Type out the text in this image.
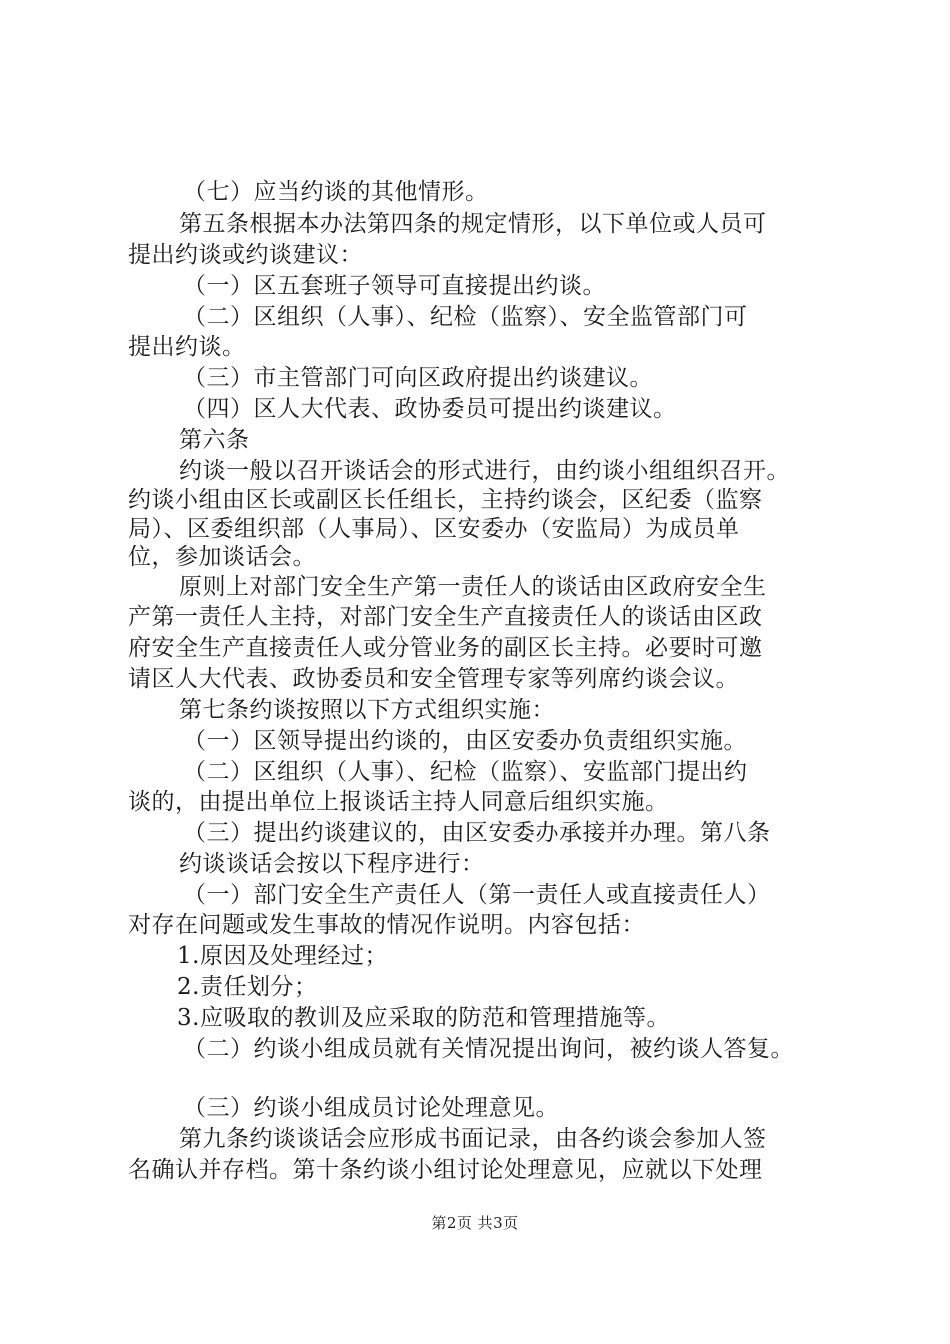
（七）应当约谈的其他情形。
第五条根据本办法第四条的规定情形，以下单位或人员可
提出约谈或约谈建议：
（一）区五套班子领导可直接提出约谈。
（二）区组织（人事）、纪检（监察）、安全监管部门可
提出约谈。
（三）市主管部门可向区政府提出约谈建议。
（四）区人大代表、政协委员可提出约谈建议。
第六条
约谈一般以召开谈话会的形式进行，由约谈小组组织召开。
约谈小组由区长或副区长任组长，主持约谈会，区纪委（监察
局）、区委组织部（人事局）、区安委办（安监局）为成员单
位，参加谈话会。
原则上对部门安全生产第一责任人的谈话由区政府安全生
产第一责任人主持，对部门安全生产直接责任人的谈话由区政
府安全生产直接责任人或分管业务的副区长主持。必要时可邀
请区人大代表、政协委员和安全管理专家等列席约谈会议。
第七条约谈按照以下方式组织实施：
（一）区领导提出约谈的，由区安委办负责组织实施。
（二）区组织（人事）、纪检（监察）、安监部门提出约
谈的，由提出单位上报谈话主持人同意后组织实施。
（三）提出约谈建议的，由区安委办承接并办理。第八条
约谈谈话会按以下程序进行：
（一）部门安全生产责任人（第一责任人或直接责任人）
对存在问题或发生事故的情况作说明。内容包括：
1.原因及处理经过；
2.责任划分；
3.应吸取的教训及应采取的防范和管理措施等。
（二）约谈小组成员就有关情况提出询问，被约谈人答复。
（三）约谈小组成员讨论处理意见。
第九条约谈谈话会应形成书面记录，由各约谈会参加人签
名确认并存档。第十条约谈小组讨论处理意见，应就以下处理
第2页 共3页
